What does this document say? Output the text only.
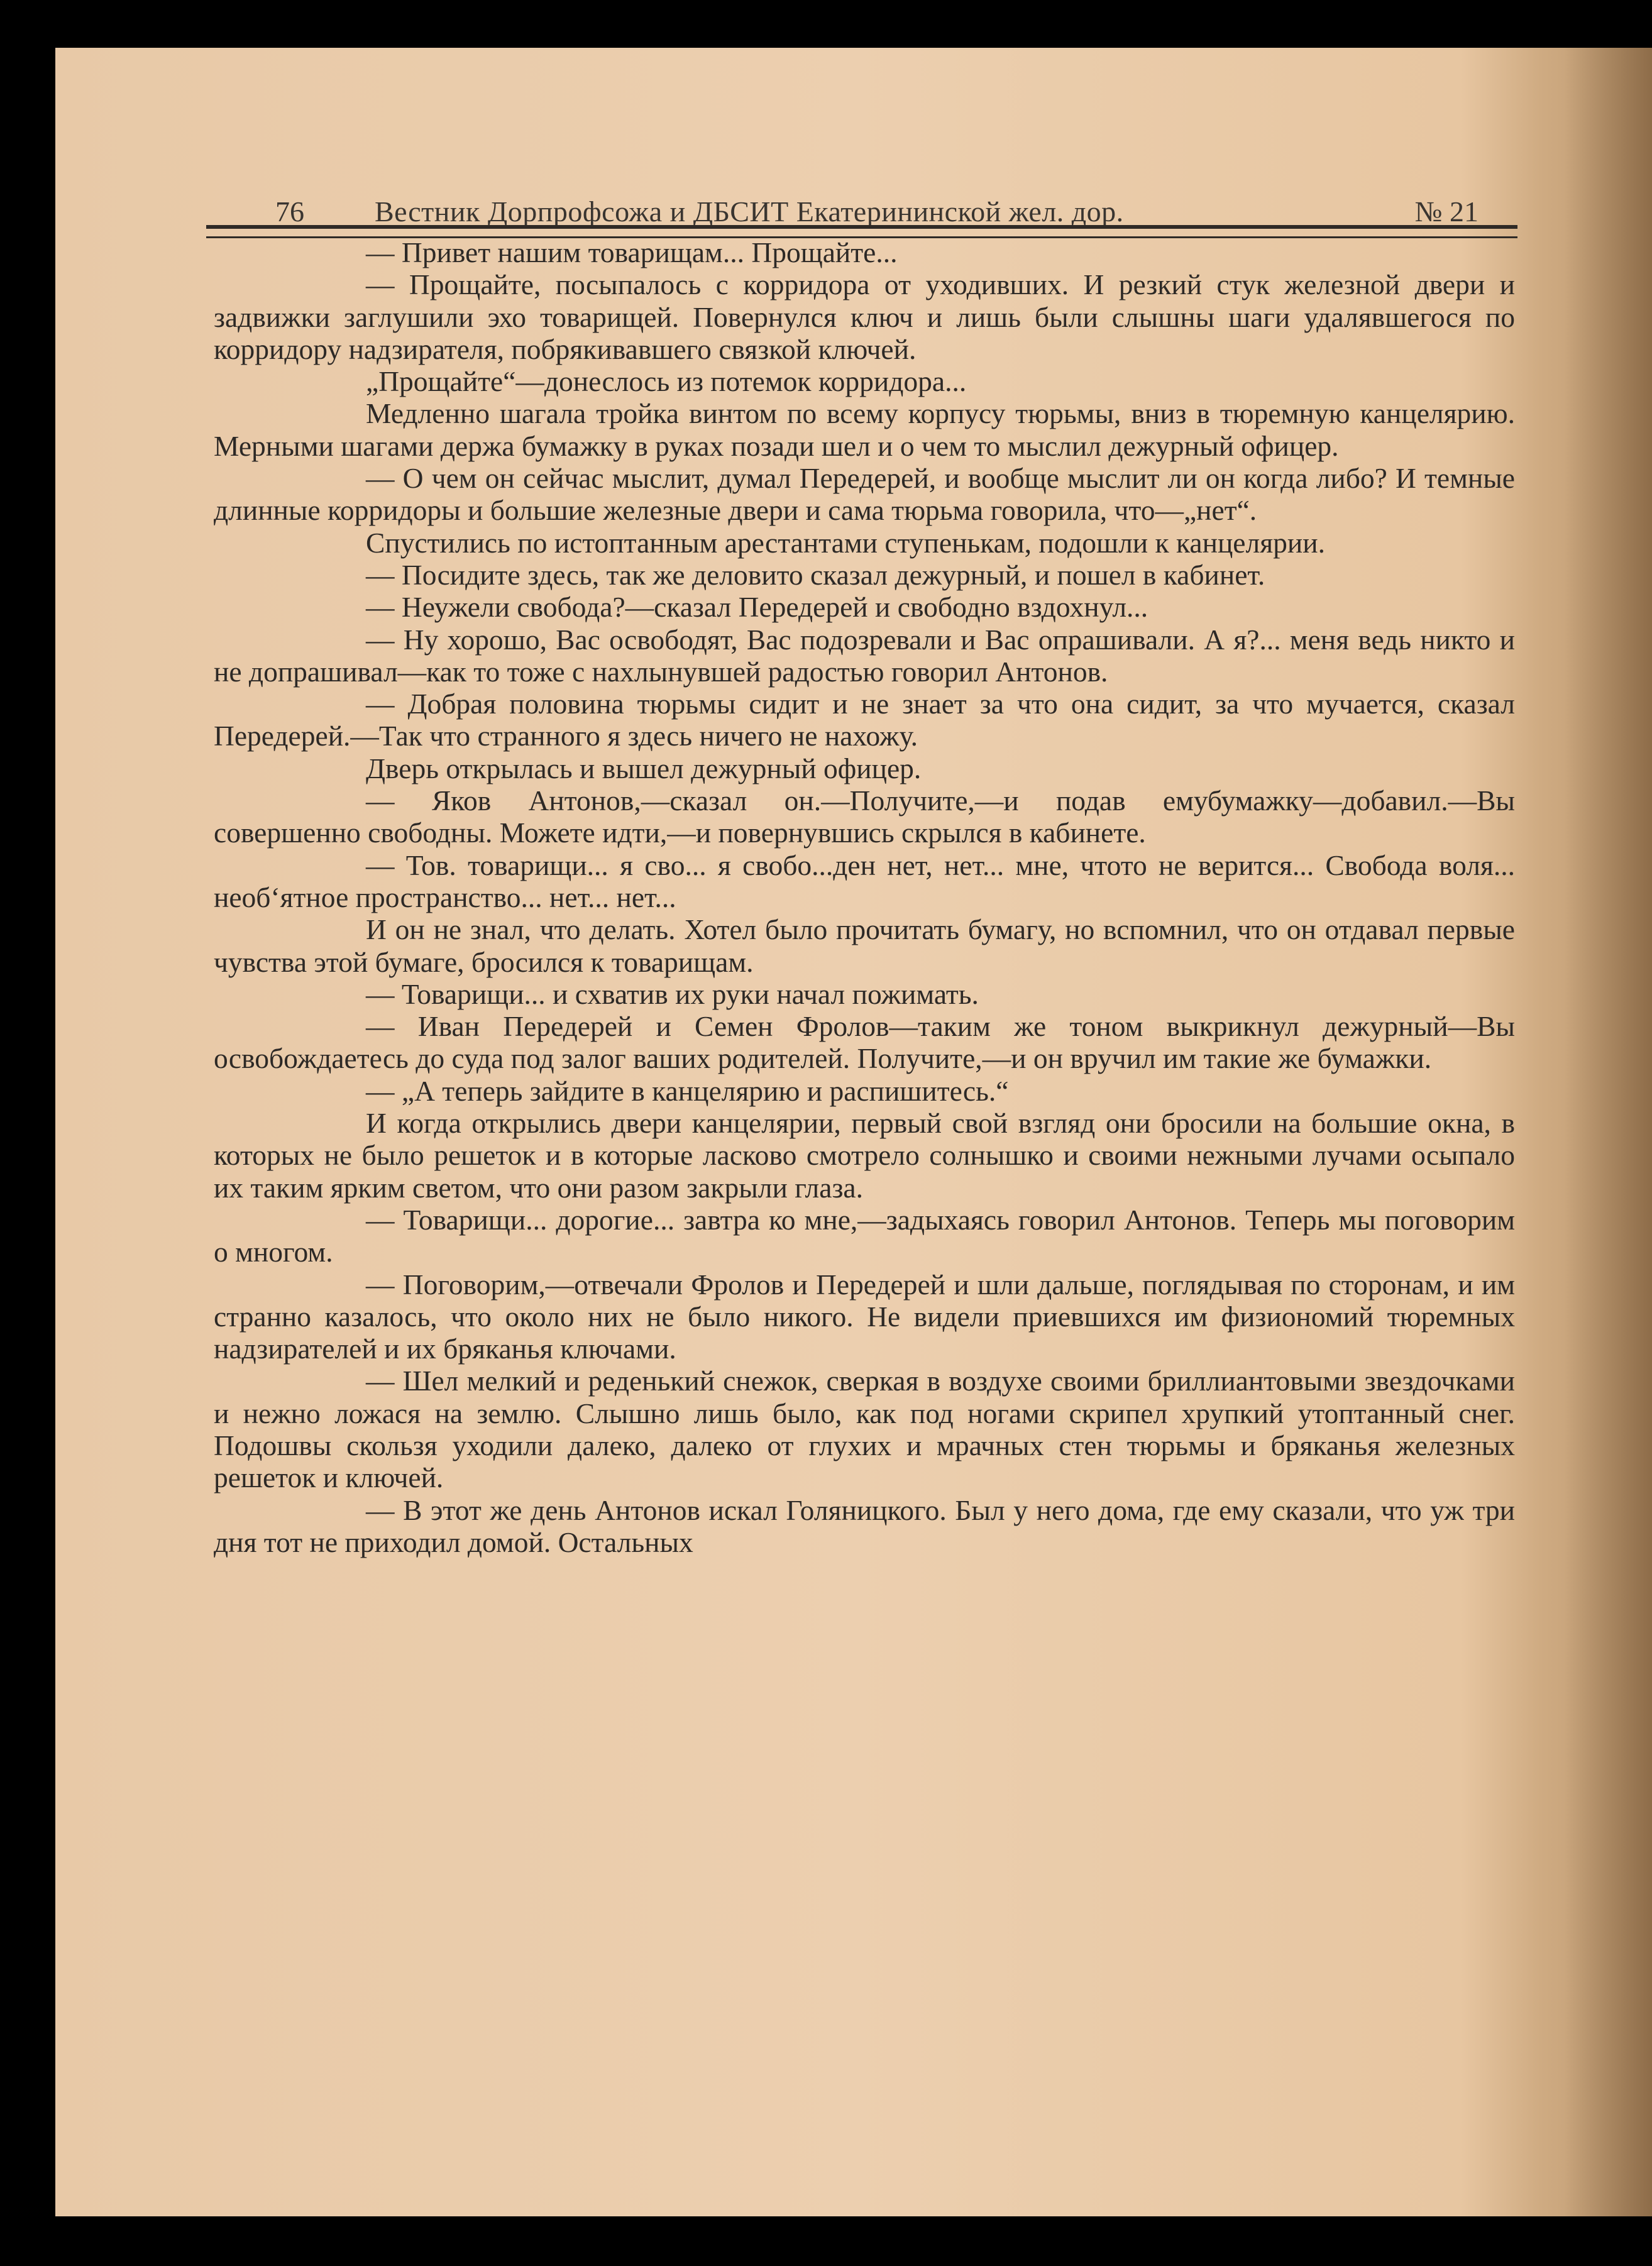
76 Вестник Дорпрофсожа и ДБСИТ Екатерининской жел. дор.	№ 21

— Привет нашим товарищам... Прощайте...

— Прощайте, посыпалось с корридора от уходивших. И резкий стук железной двери и задвижки заглушили эхо товарищей. Повернулся ключ и лишь были слышны шаги удалявшегося по корридору надзирателя, побрякивавшего связкой ключей.

„Прощайте“—донеслось из потемок корридора...

Медленно шагала тройка винтом по всему корпусу тюрьмы, вниз в тюремную канцелярию. Мерными шагами держа бумажку в руках позади шел и о чем то мыслил дежурный офицер.

— О чем он сейчас мыслит, думал Передерей, и вообще мыслит ли он когда либо? И темные длинные корридоры и большие железные двери и сама тюрьма говорила, что—„нет“.

Спустились по истоптанным арестантами ступенькам, подошли к канцелярии.

— Посидите здесь, так же деловито сказал дежурный, и пошел в кабинет.

— Неужели свобода?—сказал Передерей и свободно вздохнул...

— Ну хорошо, Вас освободят, Вас подозревали и Вас опрашивали. А я?... меня ведь никто и не допрашивал—как то тоже с нахлынувшей радостью говорил Антонов.

— Добрая половина тюрьмы сидит и не знает за что она сидит, за что мучается, сказал Передерей.—Так что странного я здесь ничего не нахожу.

Дверь открылась и вышел дежурный офицер.

— Яков Антонов,—сказал он.—Получите,—и подав емубумажку—добавил.—Вы совершенно свободны. Можете идти,—и повернувшись скрылся в кабинете.

— Тов. товарищи... я сво... я свобо...ден нет, нет... мне, чтото не верится... Свобода воля... необ‘ятное пространство... нет... нет...

И он не знал, что делать. Хотел было прочитать бумагу, но вспомнил, что он отдавал первые чувства этой бумаге, бросился к товарищам.

— Товарищи... и схватив их руки начал пожимать.

— Иван Передерей и Семен Фролов—таким же тоном выкрикнул дежурный—Вы освобождаетесь до суда под залог ваших родителей. Получите,—и он вручил им такие же бумажки.

— „А теперь зайдите в канцелярию и распишитесь.“

И когда открылись двери канцелярии, первый свой взгляд они бросили на большие окна, в которых не было решеток и в которые ласково смотрело солнышко и своими нежными лучами осыпало их таким ярким светом, что они разом закрыли глаза.

— Товарищи... дорогие... завтра ко мне,—задыхаясь говорил Антонов. Теперь мы поговорим о многом.

— Поговорим,—отвечали Фролов и Передерей и шли дальше, поглядывая по сторонам, и им странно казалось, что около них не было никого. Не видели приевшихся им физиономий тюремных надзирателей и их бряканья ключами.

— Шел мелкий и реденький снежок, сверкая в воздухе своими бриллиантовыми звездочками и нежно ложася на землю. Слышно лишь было, как под ногами скрипел хрупкий утоптанный снег. Подошвы скользя уходили далеко, далеко от глухих и мрачных стен тюрьмы и бряканья железных решеток и ключей.

— В этот же день Антонов искал Голяницкого. Был у него дома, где ему сказали, что уж три дня тот не приходил домой. Остальных
